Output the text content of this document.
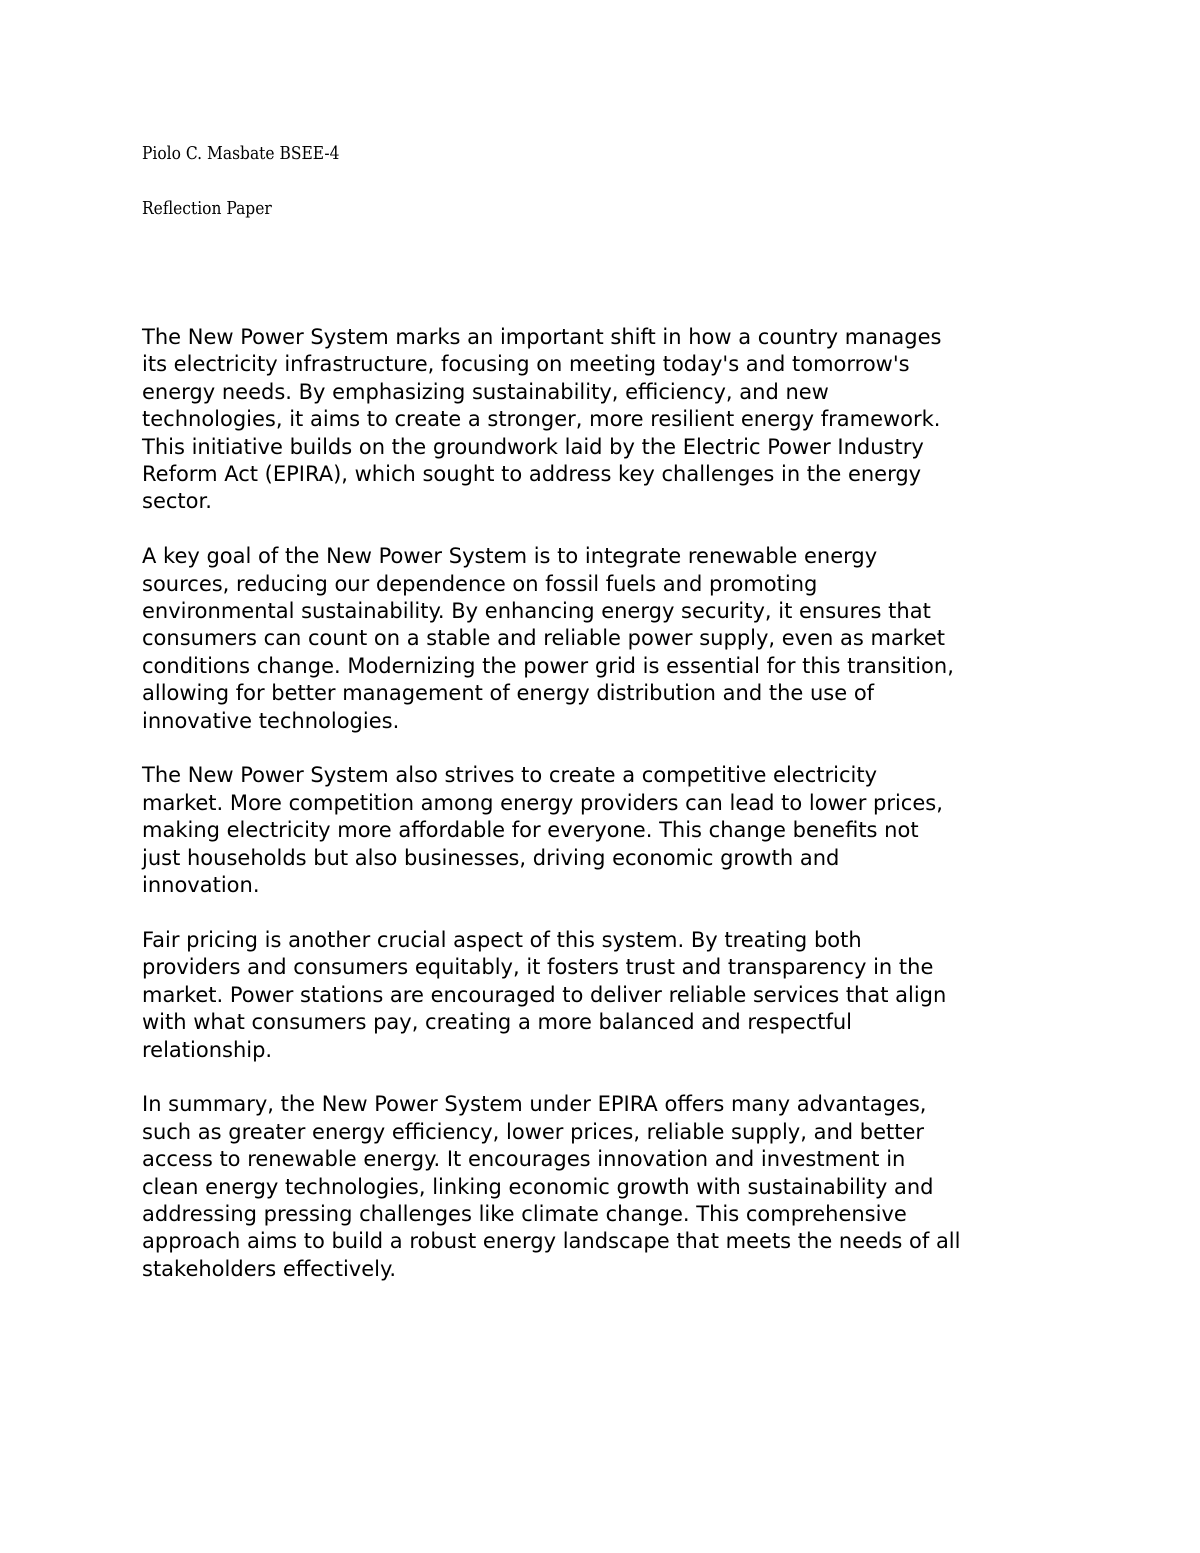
Piolo C. Masbate BSEE-4
Reflection Paper

The New Power System marks an important shift in how a country manages
its electricity infrastructure, focusing on meeting today's and tomorrow's
energy needs. By emphasizing sustainability, efficiency, and new
technologies, it aims to create a stronger, more resilient energy framework.
This initiative builds on the groundwork laid by the Electric Power Industry
Reform Act (EPIRA), which sought to address key challenges in the energy
sector.

A key goal of the New Power System is to integrate renewable energy
sources, reducing our dependence on fossil fuels and promoting
environmental sustainability. By enhancing energy security, it ensures that
consumers can count on a stable and reliable power supply, even as market
conditions change. Modernizing the power grid is essential for this transition,
allowing for better management of energy distribution and the use of
innovative technologies.

The New Power System also strives to create a competitive electricity
market. More competition among energy providers can lead to lower prices,
making electricity more affordable for everyone. This change benefits not
just households but also businesses, driving economic growth and
innovation.

Fair pricing is another crucial aspect of this system. By treating both
providers and consumers equitably, it fosters trust and transparency in the
market. Power stations are encouraged to deliver reliable services that align
with what consumers pay, creating a more balanced and respectful
relationship.

In summary, the New Power System under EPIRA offers many advantages,
such as greater energy efficiency, lower prices, reliable supply, and better
access to renewable energy. It encourages innovation and investment in
clean energy technologies, linking economic growth with sustainability and
addressing pressing challenges like climate change. This comprehensive
approach aims to build a robust energy landscape that meets the needs of all
stakeholders effectively.
